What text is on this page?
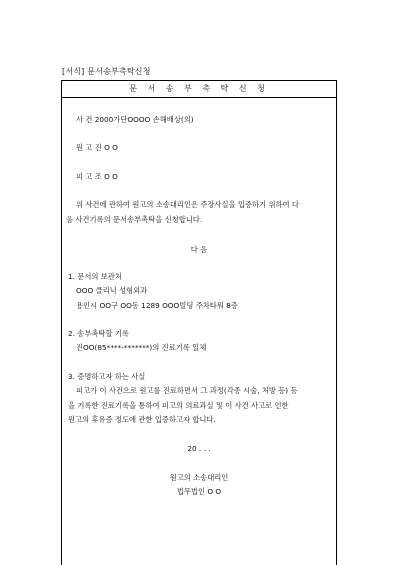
[서식] 문서송부촉탁신청
문 서 송 부 촉 탁 신 청
사 건 2000가단OOOO 손해배상(의)
원 고 진 O O
피 고 조 O O
위 사건에 관하여 원고의 소송대리인은 주장사실을 입증하기 위하여 다
음 사건기록의 문서송부촉탁을 신청합니다.
다 음
1. 문서의 보관처
OOO 클리닉 성형외과
용인시 OO구 OO동 1289 OOO빌딩 주차타워 8층
2. 송부촉탁할 기록
진OO(85****-*******)의 진료기록 일체
3. 증명하고자 하는 사실
피고가 이 사건으로 원고를 진료하면서 그 과정(각종 시술, 처방 등) 등
을 기록한 진료기록을 통하여 피고의 의료과실 및 이 사건 사고로 인한
원고의 후유증 정도에 관한 입증하고자 합니다.
20 . . .
원고의 소송대리인
법무법인 O O
